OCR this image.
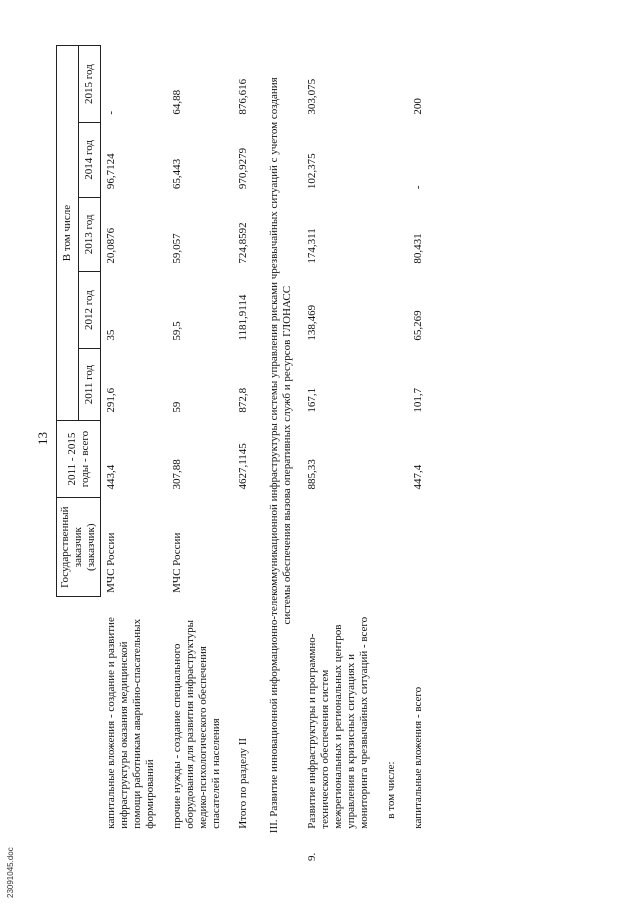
13
		Государственный заказчик (заказчик)	2011 - 2015 годы - всего	В том числе				
				2011 год	2012 год	2013 год	2014 год	2015 год
	капитальные вложения - создание и развитие инфраструктуры оказания медицинской помощи работникам аварийно-спасательных формирований	МЧС России	443,4	291,6	35	20,0876	96,7124	-
	прочие нужды - создание специального оборудования для развития инфраструктуры медико-психологического обеспечения спасателей и населения	МЧС России	307,88	59	59,5	59,057	65,443	64,88
	Итого по разделу II		4627,1145	872,8	1181,9114	724,8592	970,9279	876,616
III. Развитие инновационной информационно-телекоммуникационной инфраструктуры системы управления рисками чрезвычайных ситуаций с учетом создания системы обеспечения вызова оперативных служб и ресурсов ГЛОНАСС								
9.	Развитие инфраструктуры и программно-технического обеспечения систем межрегиональных и региональных центров управления в кризисных ситуациях и мониторинга чрезвычайных ситуаций - всего		885,33	167,1	138,469	174,311	102,375	303,075
	в том числе:							
	капитальные вложения - всего		447,4	101,7	65,269	80,431	-	200
23091045.doc
